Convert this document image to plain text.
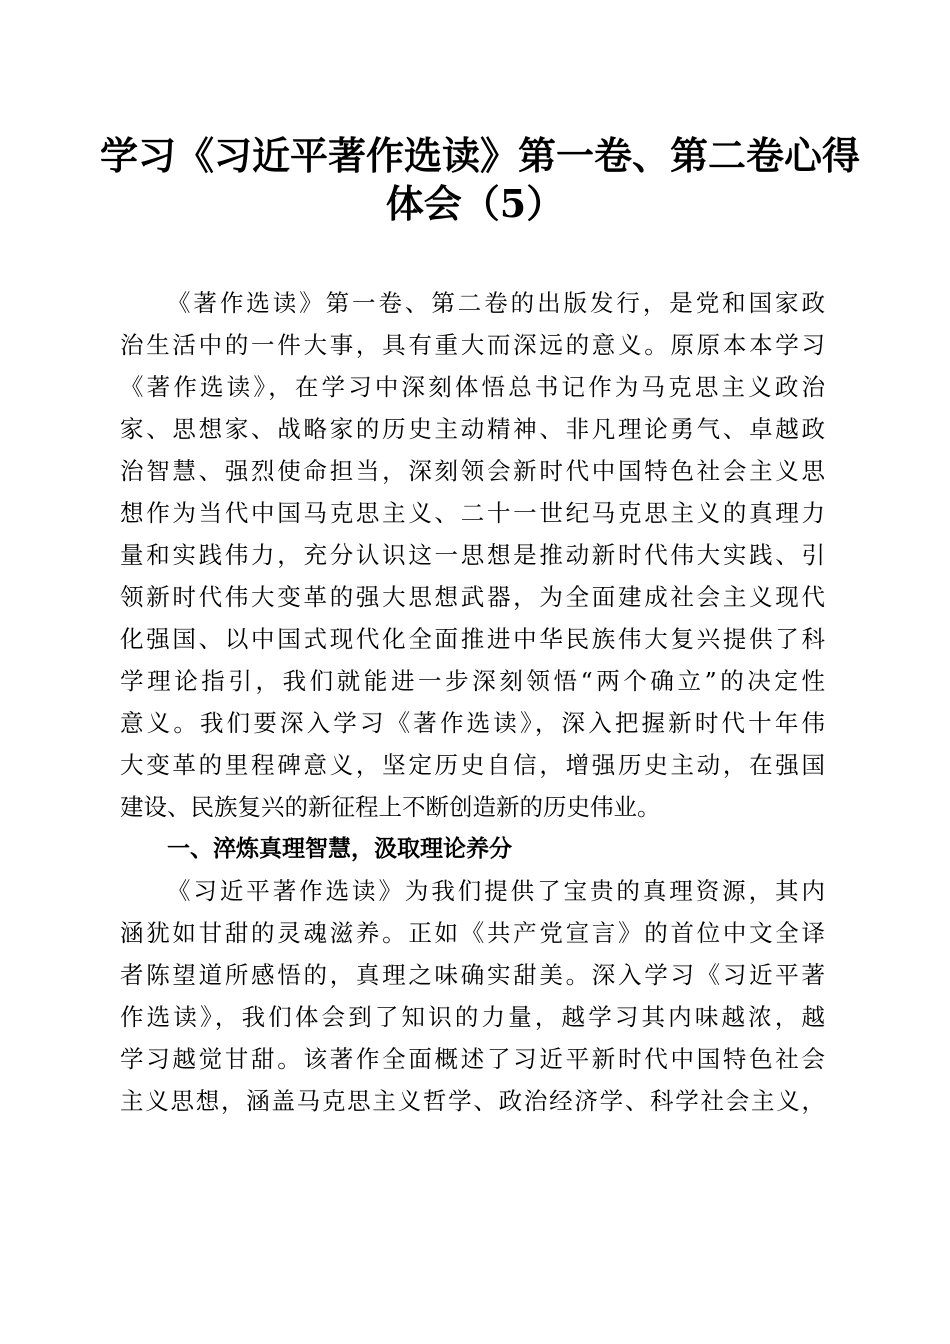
学习《习近平著作选读》第一卷、第二卷心得
体会（5）
《著作选读》第一卷、第二卷的出版发行，是党和国家政
治生活中的一件大事，具有重大而深远的意义。原原本本学习
《著作选读》，在学习中深刻体悟总书记作为马克思主义政治
家、思想家、战略家的历史主动精神、非凡理论勇气、卓越政
治智慧、强烈使命担当，深刻领会新时代中国特色社会主义思
想作为当代中国马克思主义、二十一世纪马克思主义的真理力
量和实践伟力，充分认识这一思想是推动新时代伟大实践、引
领新时代伟大变革的强大思想武器，为全面建成社会主义现代
化强国、以中国式现代化全面推进中华民族伟大复兴提供了科
学理论指引，我们就能进一步深刻领悟“两个确立”的决定性
意义。我们要深入学习《著作选读》，深入把握新时代十年伟
大变革的里程碑意义，坚定历史自信，增强历史主动，在强国
建设、民族复兴的新征程上不断创造新的历史伟业。
一、淬炼真理智慧，汲取理论养分
《习近平著作选读》为我们提供了宝贵的真理资源，其内
涵犹如甘甜的灵魂滋养。正如《共产党宣言》的首位中文全译
者陈望道所感悟的，真理之味确实甜美。深入学习《习近平著
作选读》，我们体会到了知识的力量，越学习其内味越浓，越
学习越觉甘甜。该著作全面概述了习近平新时代中国特色社会
主义思想，涵盖马克思主义哲学、政治经济学、科学社会主义，
